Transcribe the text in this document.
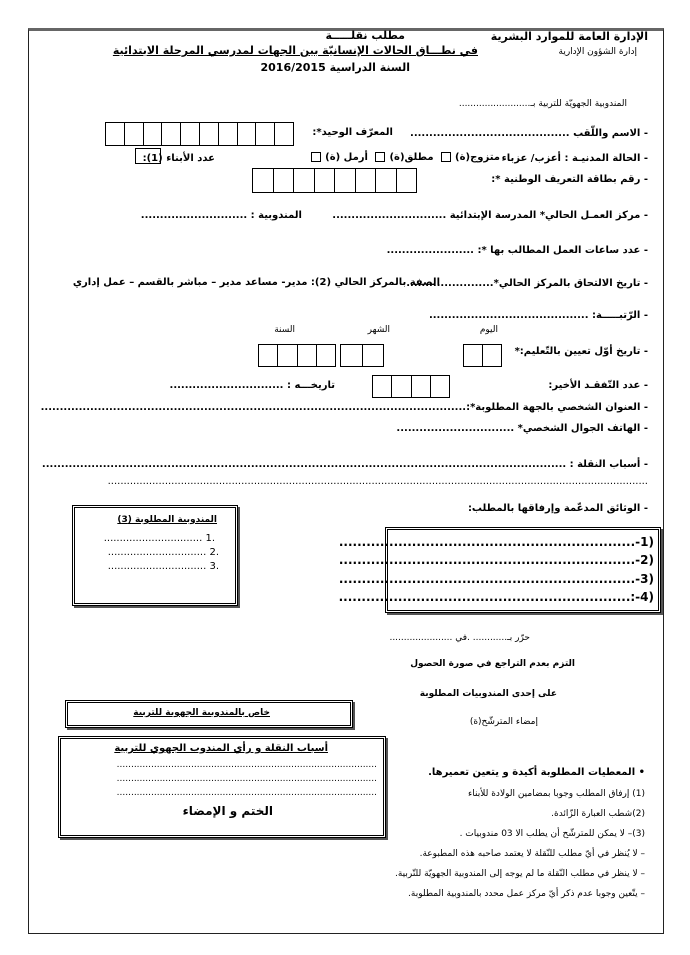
الإدارة العامة للموارد البشرية
إدارة الشؤون الإدارية
مطلب نقلـــــة
في نطـــاق الحالات الإنسانيّة بين الجهات لمدرسي المرحلة الابتدائية
السنة الدراسية 2016/2015
المندوبية الجهويّة للتربية بـ.........................
- الاسم واللّقب ..........................................
المعرّف الوحيد*:
- الحالة المدنيـة : أعزب/ عزباء
متزوج(ة) مطلق(ة) أرمل (ة)
عدد الأبناء (1):
- رقم بطاقة التعريف الوطنية *:
- مركز العمـل الحالي* المدرسة الإبتدائية ..............................
المندوبية : ............................
- عدد ساعات العمل المطالب بها *: .......................
- تاريخ الالتحاق بالمركز الحالي*.......................
الصفة بالمركز الحالي (2): مدير- مساعد مدير – مباشر بالقسم – عمل إداري
- الرّتبـــــة: ..........................................
اليوم
الشهر
السنة
- تاريخ أوّل تعيين بالتّعليم:*
- عدد التّفقـد الأخير:
تاريخـــه : ..............................
- العنوان الشخصي بالجهة المطلوبة*:................................................................................................................
- الهاتف الجوال الشخصي* ...............................
- أسباب النقلة : ..........................................................................................................................................
..........................................................................................................................................................................
- الوثائق المدعّمة وإرفاقها بالمطلب:
المندوبية المطلوبة (3)
.1 ...............................
.2 ...............................
.3 ...............................
(1-.................................................................
(2-.................................................................
(3-.................................................................
(4-:................................................................
حرّر بـ............ .في ......................
التزم بعدم التراجع في صورة الحصول
على إحدى المندوبيات المطلوبة
إمضاء المترشّح(ة)
خاص بالمندوبية الجهوية للتربية
أسباب النقلة و رأي المندوب الجهوي للتربية
...........................................................................................
...........................................................................................
...........................................................................................
الختم و الإمضاء
• المعطيات المطلوبة أكيدة و يتعين تعميرها.
(1) إرفاق المطلب وجوبا بمضامين الولادة للأبناء
(2)شطب العبارة الزّائدة.
(3)– لا يمكن للمترشّح أن يطلب الا 03 مندوبيات .
– لا يُنظر في أيّ مطلب للنّقلة لا يعتمد صاحبه هذه المطبوعة.
– لا ينظر في مطلب النّقلة ما لم يوجه إلى المندوبية الجهويّة للتّربية.
– يتّعين وجوبا عدم ذكر أيّ مركز عمل محدد بالمندوبية المطلوبة.
